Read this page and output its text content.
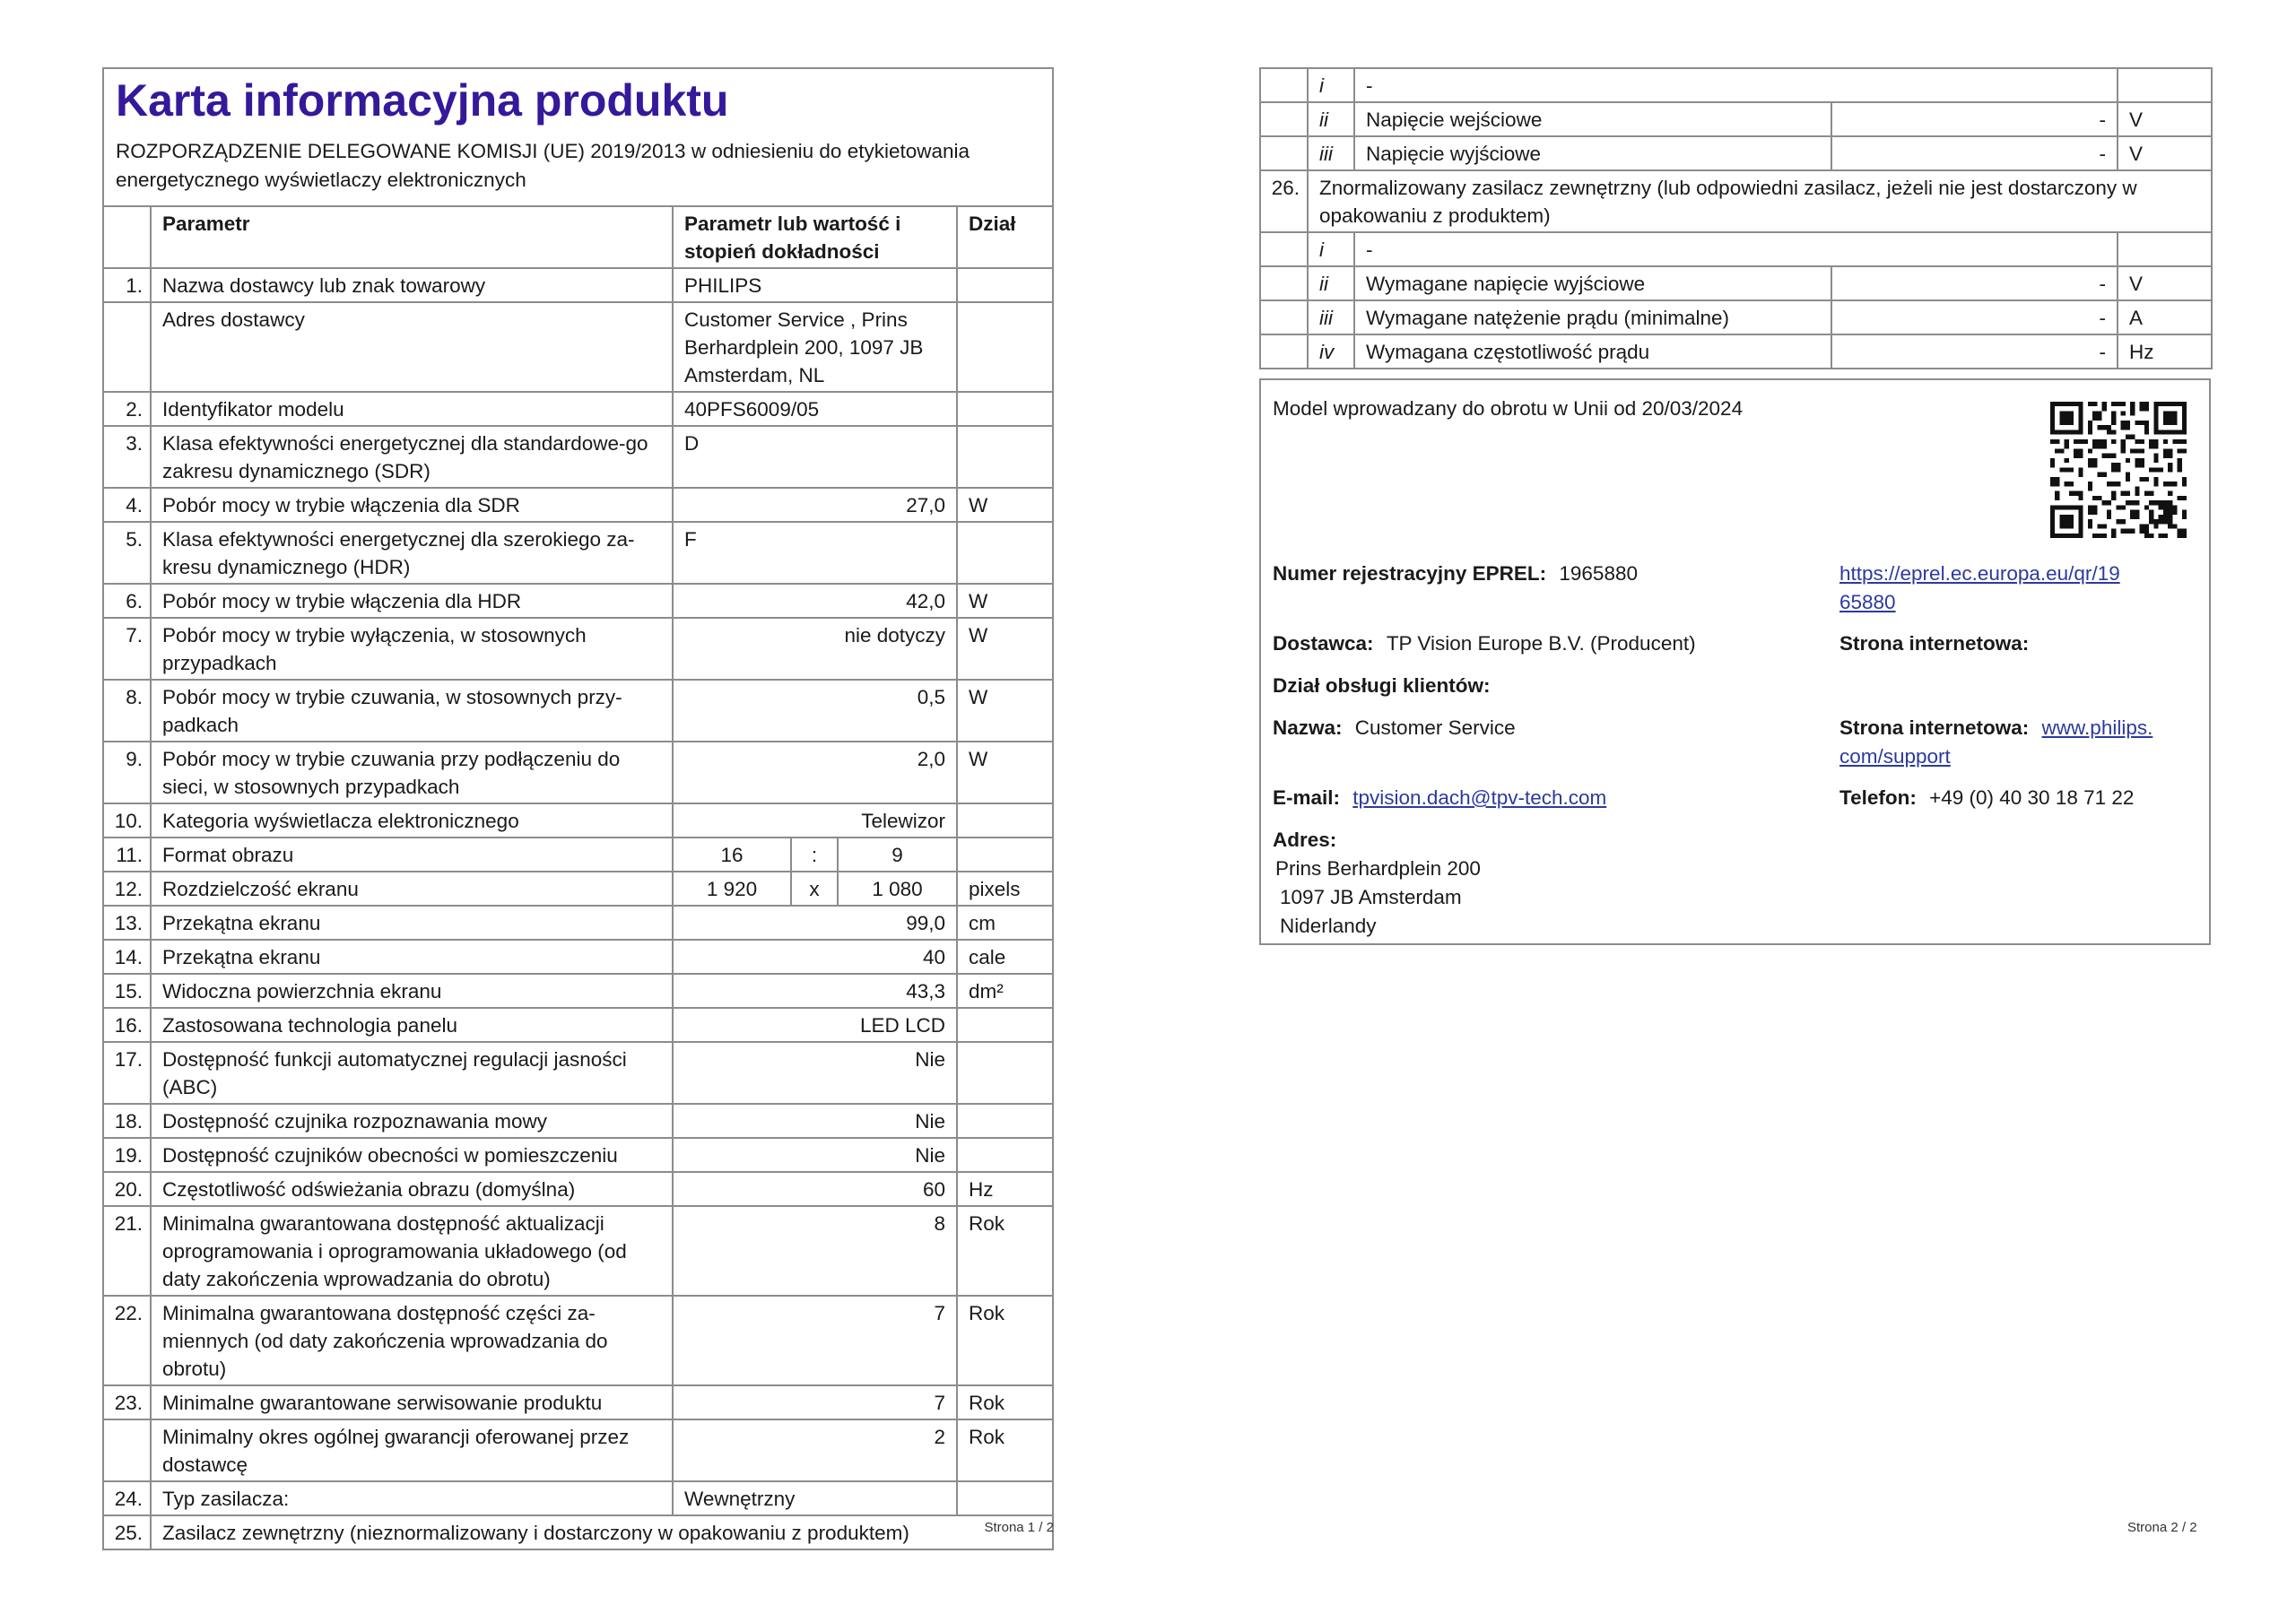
Karta informacyjna produktu
ROZPORZĄDZENIE DELEGOWANE KOMISJI (UE) 2019/2013 w odniesieniu do etykietowania energetycznego wyświetlaczy elektronicznych
	Parametr	Parametr lub wartość i stopień dokładności			Dział
1.	Nazwa dostawcy lub znak towarowy	PHILIPS			
	Adres dostawcy	Customer Service , Prins Berhardplein 200, 1097 JB Amsterdam, NL			
2.	Identyfikator modelu	40PFS6009/05			
3.	Klasa efektywności energetycznej dla standardowe-go zakresu dynamicznego (SDR)	D			
4.	Pobór mocy w trybie włączenia dla SDR	27,0			W
5.	Klasa efektywności energetycznej dla szerokiego za-kresu dynamicznego (HDR)	F			
6.	Pobór mocy w trybie włączenia dla HDR	42,0			W
7.	Pobór mocy w trybie wyłączenia, w stosownych przypadkach	nie dotyczy			W
8.	Pobór mocy w trybie czuwania, w stosownych przy-padkach	0,5			W
9.	Pobór mocy w trybie czuwania przy podłączeniu do sieci, w stosownych przypadkach	2,0			W
10.	Kategoria wyświetlacza elektronicznego	Telewizor			
11.	Format obrazu	16	:	9	
12.	Rozdzielczość ekranu	1 920	x	1 080	pixels
13.	Przekątna ekranu	99,0			cm
14.	Przekątna ekranu	40			cale
15.	Widoczna powierzchnia ekranu	43,3			dm²
16.	Zastosowana technologia panelu	LED LCD			
17.	Dostępność funkcji automatycznej regulacji jasności (ABC)	Nie			
18.	Dostępność czujnika rozpoznawania mowy	Nie			
19.	Dostępność czujników obecności w pomieszczeniu	Nie			
20.	Częstotliwość odświeżania obrazu (domyślna)	60			Hz
21.	Minimalna gwarantowana dostępność aktualizacji oprogramowania i oprogramowania układowego (od daty zakończenia wprowadzania do obrotu)	8			Rok
22.	Minimalna gwarantowana dostępność części za-miennych (od daty zakończenia wprowadzania do obrotu)	7			Rok
23.	Minimalne gwarantowane serwisowanie produktu	7			Rok
	Minimalny okres ogólnej gwarancji oferowanej przez dostawcę	2			Rok
24.	Typ zasilacza:	Wewnętrzny			
25.	Zasilacz zewnętrzny (nieznormalizowany i dostarczony w opakowaniu z produktem)					Strona 1 / 2
	i	-		
	ii	Napięcie wejściowe	-	V
	iii	Napięcie wyjściowe	-	V
26.	Znormalizowany zasilacz zewnętrzny (lub odpowiedni zasilacz, jeżeli nie jest dostarczony w opakowaniu z produktem)			
	i	-		
	ii	Wymagane napięcie wyjściowe	-	V
	iii	Wymagane natężenie prądu (minimalne)	-	A
	iv	Wymagana częstotliwość prądu	-	Hz
Model wprowadzany do obrotu w Unii od 20/03/2024
Numer rejestracyjny EPREL: 1965880	https://eprel.ec.europa.eu/qr/19
65880
Dostawca: TP Vision Europe B.V. (Producent)	Strona internetowa:
Dział obsługi klientów:
Nazwa: Customer Service	Strona internetowa: www.philips.
com/support
E-mail: tpvision.dach@tpv-tech.com	Telefon: +49 (0) 40 30 18 71 22
Adres:
Prins Berhardplein 200
1097 JB Amsterdam
Niderlandy
Strona 2 / 2
